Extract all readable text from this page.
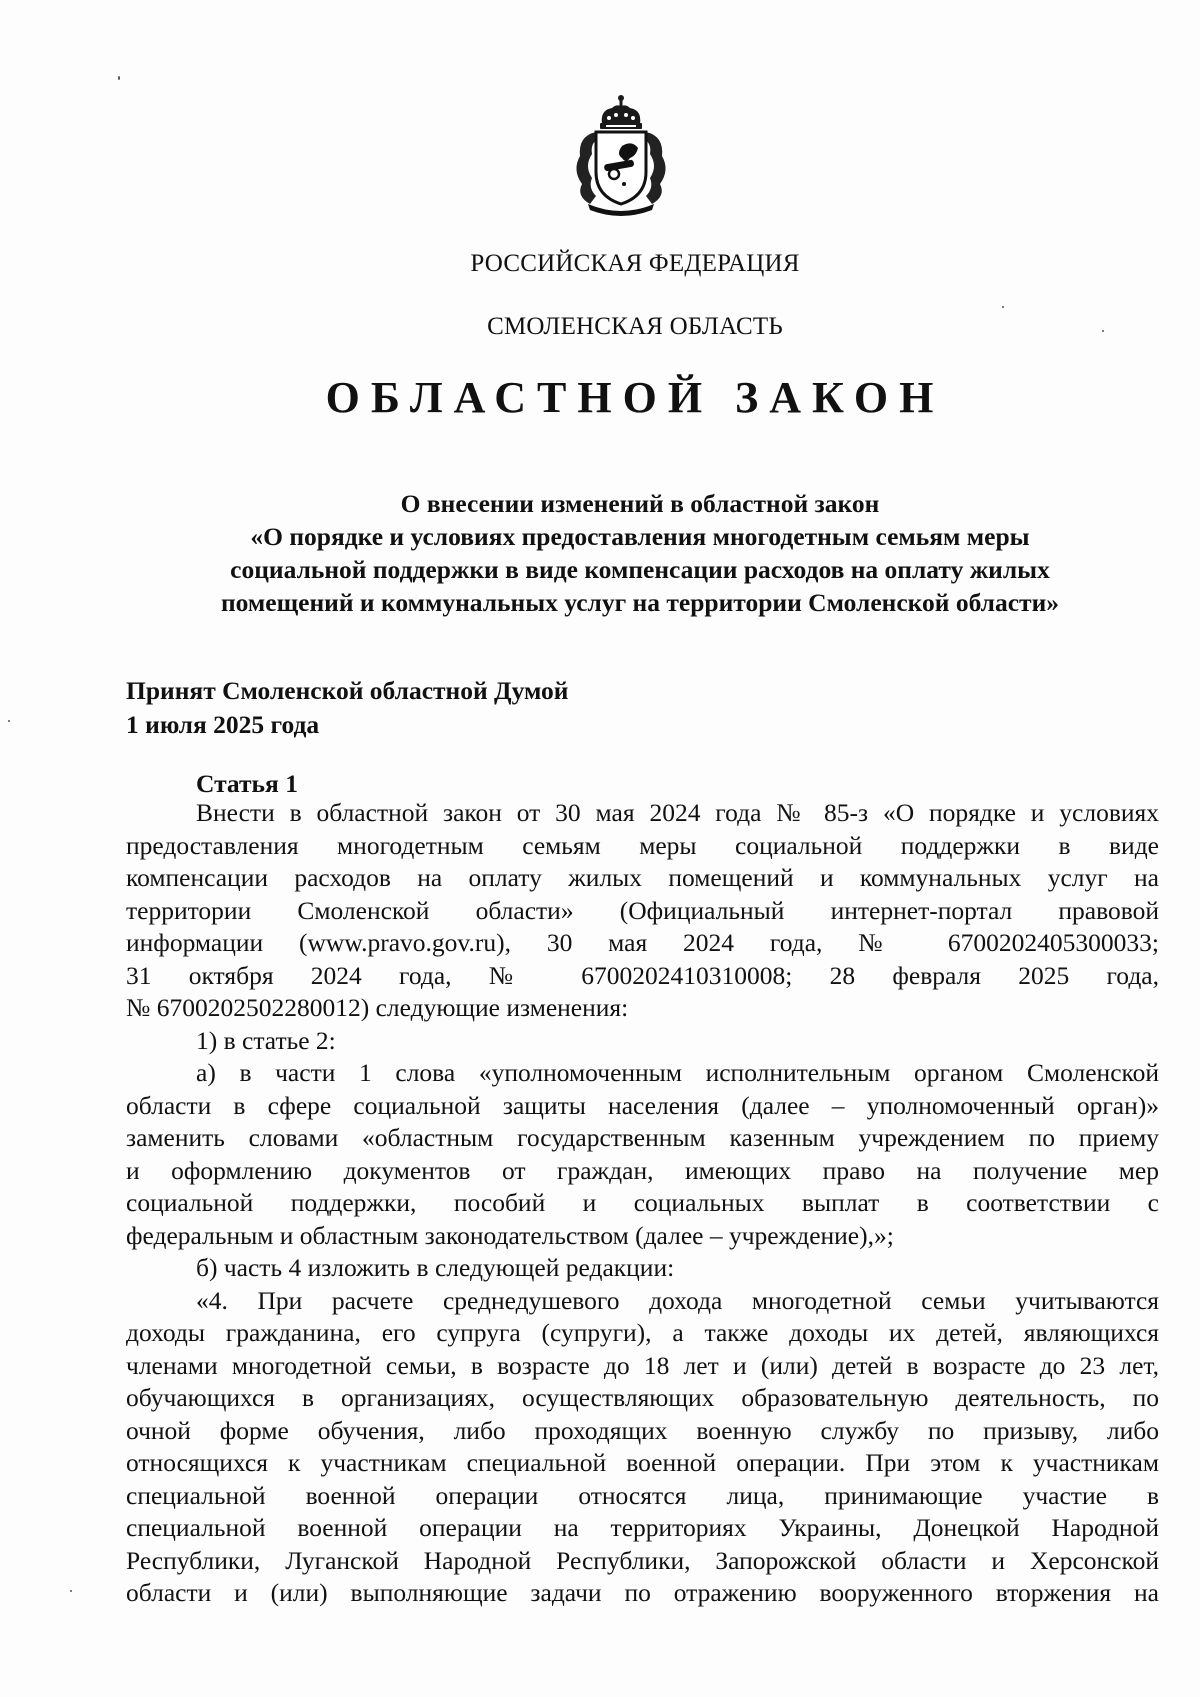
РОССИЙСКАЯ ФЕДЕРАЦИЯ
СМОЛЕНСКАЯ ОБЛАСТЬ
ОБЛАСТНОЙ ЗАКОН
О внесении изменений в областной закон
«О порядке и условиях предоставления многодетным семьям меры
социальной поддержки в виде компенсации расходов на оплату жилых
помещений и коммунальных услуг на территории Смоленской области»
Принят Смоленской областной Думой
1 июля 2025 года
Статья 1
Внести в областной закон от 30 мая 2024 года № 85-з «О порядке и условиях
предоставления многодетным семьям меры социальной поддержки в виде
компенсации расходов на оплату жилых помещений и коммунальных услуг на
территории Смоленской области» (Официальный интернет-портал правовой
информации (www.pravo.gov.ru), 30 мая 2024 года, № 6700202405300033;
31 октября 2024 года, № 6700202410310008; 28 февраля 2025 года,
№ 6700202502280012) следующие изменения:
1) в статье 2:
а) в части 1 слова «уполномоченным исполнительным органом Смоленской
области в сфере социальной защиты населения (далее – уполномоченный орган)»
заменить словами «областным государственным казенным учреждением по приему
и оформлению документов от граждан, имеющих право на получение мер
социальной поддержки, пособий и социальных выплат в соответствии с
федеральным и областным законодательством (далее – учреждение),»;
б) часть 4 изложить в следующей редакции:
«4. При расчете среднедушевого дохода многодетной семьи учитываются
доходы гражданина, его супруга (супруги), а также доходы их детей, являющихся
членами многодетной семьи, в возрасте до 18 лет и (или) детей в возрасте до 23 лет,
обучающихся в организациях, осуществляющих образовательную деятельность, по
очной форме обучения, либо проходящих военную службу по призыву, либо
относящихся к участникам специальной военной операции. При этом к участникам
специальной военной операции относятся лица, принимающие участие в
специальной военной операции на территориях Украины, Донецкой Народной
Республики, Луганской Народной Республики, Запорожской области и Херсонской
области и (или) выполняющие задачи по отражению вооруженного вторжения на
